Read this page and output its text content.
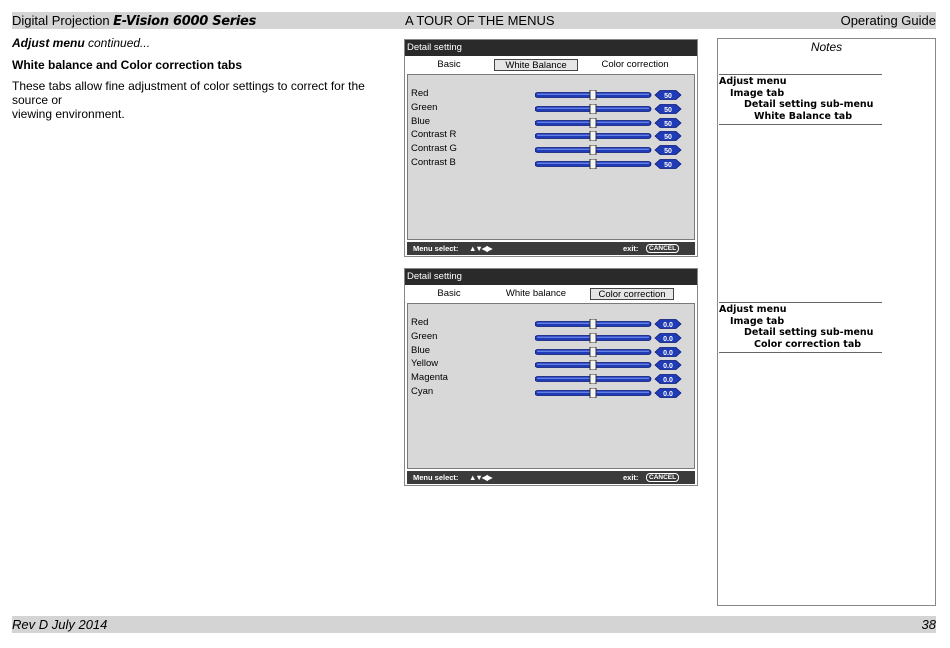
Digital Projection E-Vision 6000 Series	A TOUR OF THE MENUS	Operating Guide
Adjust menu continued...
White balance and Color correction tabs
These tabs allow fine adjustment of color settings to correct for the source or
viewing environment.
Detail setting
Basic	White Balance	Color correction
Red	50
Green	50
Blue	50
Contrast R	50
Contrast G	50
Contrast B	50
Menu select: ▲▼◀▶	exit:	CANCEL
Detail setting
Basic	White balance	Color correction
Red	0.0
Green	0.0
Blue	0.0
Yellow	0.0
Magenta	0.0
Cyan	0.0
Menu select: ▲▼◀▶	exit:	CANCEL
Notes
Adjust menu
Image tab
Detail setting sub-menu
White Balance tab
Adjust menu
Image tab
Detail setting sub-menu
Color correction tab
Rev D July 2014	38
